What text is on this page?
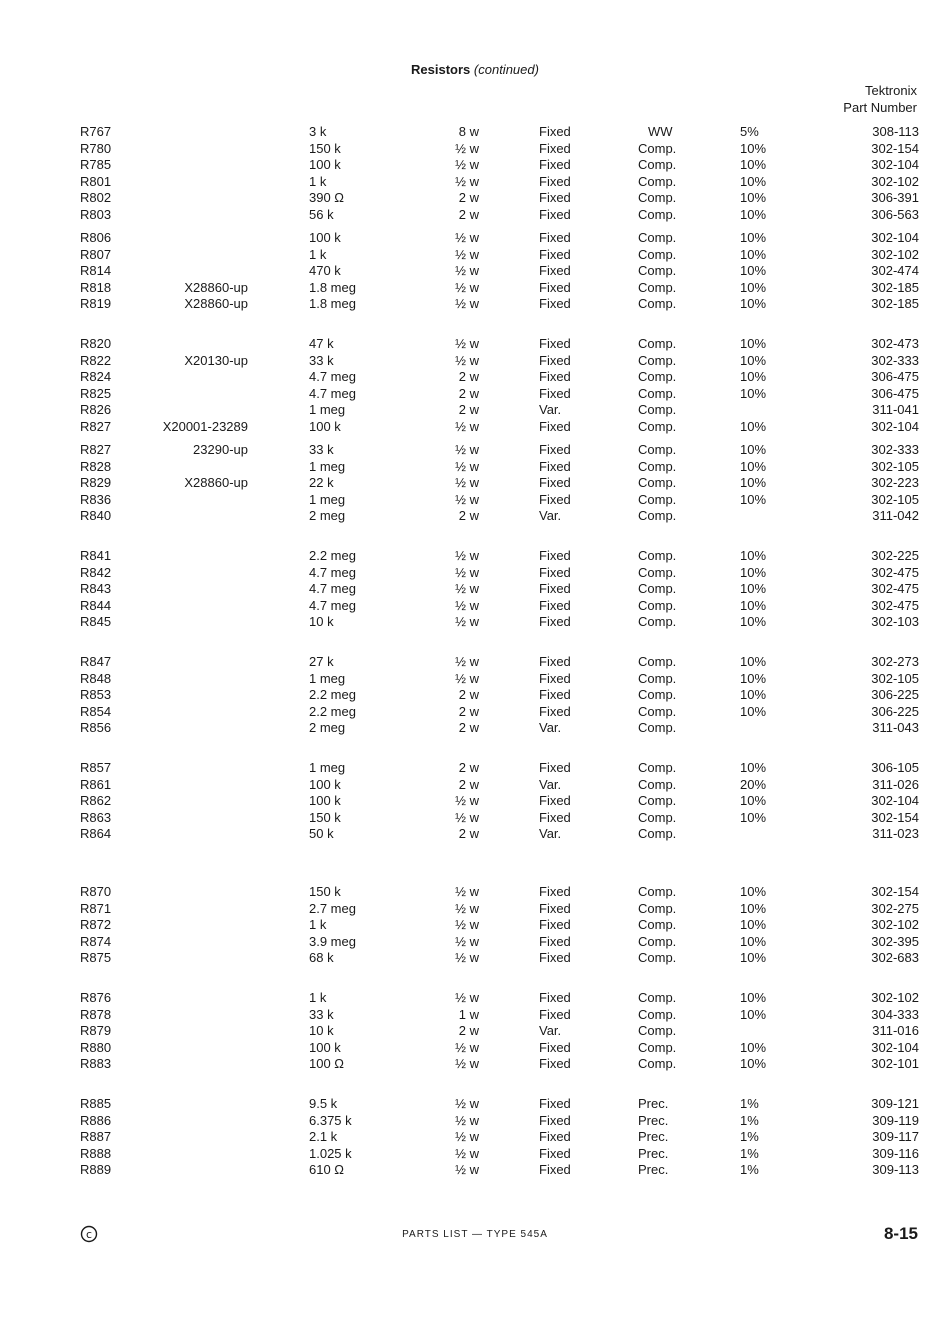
Resistors (continued)
Tektronix
Part Number
R767	3 k	8 w	Fixed	WW	5%	308-113
R780	150 k	½ w	Fixed	Comp.	10%	302-154
R785	100 k	½ w	Fixed	Comp.	10%	302-104
R801	1 k	½ w	Fixed	Comp.	10%	302-102
R802	390 Ω	2 w	Fixed	Comp.	10%	306-391
R803	56 k	2 w	Fixed	Comp.	10%	306-563
R806	100 k	½ w	Fixed	Comp.	10%	302-104
R807	1 k	½ w	Fixed	Comp.	10%	302-102
R814	470 k	½ w	Fixed	Comp.	10%	302-474
R818	X28860-up	1.8 meg	½ w	Fixed	Comp.	10%	302-185
R819	X28860-up	1.8 meg	½ w	Fixed	Comp.	10%	302-185
R820	47 k	½ w	Fixed	Comp.	10%	302-473
R822	X20130-up	33 k	½ w	Fixed	Comp.	10%	302-333
R824	4.7 meg	2 w	Fixed	Comp.	10%	306-475
R825	4.7 meg	2 w	Fixed	Comp.	10%	306-475
R826	1 meg	2 w	Var.	Comp.	311-041
R827	X20001-23289	100 k	½ w	Fixed	Comp.	10%	302-104
R827	23290-up	33 k	½ w	Fixed	Comp.	10%	302-333
R828	1 meg	½ w	Fixed	Comp.	10%	302-105
R829	X28860-up	22 k	½ w	Fixed	Comp.	10%	302-223
R836	1 meg	½ w	Fixed	Comp.	10%	302-105
R840	2 meg	2 w	Var.	Comp.	311-042
R841	2.2 meg	½ w	Fixed	Comp.	10%	302-225
R842	4.7 meg	½ w	Fixed	Comp.	10%	302-475
R843	4.7 meg	½ w	Fixed	Comp.	10%	302-475
R844	4.7 meg	½ w	Fixed	Comp.	10%	302-475
R845	10 k	½ w	Fixed	Comp.	10%	302-103
R847	27 k	½ w	Fixed	Comp.	10%	302-273
R848	1 meg	½ w	Fixed	Comp.	10%	302-105
R853	2.2 meg	2 w	Fixed	Comp.	10%	306-225
R854	2.2 meg	2 w	Fixed	Comp.	10%	306-225
R856	2 meg	2 w	Var.	Comp.	311-043
R857	1 meg	2 w	Fixed	Comp.	10%	306-105
R861	100 k	2 w	Var.	Comp.	20%	311-026
R862	100 k	½ w	Fixed	Comp.	10%	302-104
R863	150 k	½ w	Fixed	Comp.	10%	302-154
R864	50 k	2 w	Var.	Comp.	311-023
R870	150 k	½ w	Fixed	Comp.	10%	302-154
R871	2.7 meg	½ w	Fixed	Comp.	10%	302-275
R872	1 k	½ w	Fixed	Comp.	10%	302-102
R874	3.9 meg	½ w	Fixed	Comp.	10%	302-395
R875	68 k	½ w	Fixed	Comp.	10%	302-683
R876	1 k	½ w	Fixed	Comp.	10%	302-102
R878	33 k	1 w	Fixed	Comp.	10%	304-333
R879	10 k	2 w	Var.	Comp.	311-016
R880	100 k	½ w	Fixed	Comp.	10%	302-104
R883	100 Ω	½ w	Fixed	Comp.	10%	302-101
R885	9.5 k	½ w	Fixed	Prec.	1%	309-121
R886	6.375 k	½ w	Fixed	Prec.	1%	309-119
R887	2.1 k	½ w	Fixed	Prec.	1%	309-117
R888	1.025 k	½ w	Fixed	Prec.	1%	309-116
R889	610 Ω	½ w	Fixed	Prec.	1%	309-113
c	PARTS LIST — TYPE 545A	8-15
